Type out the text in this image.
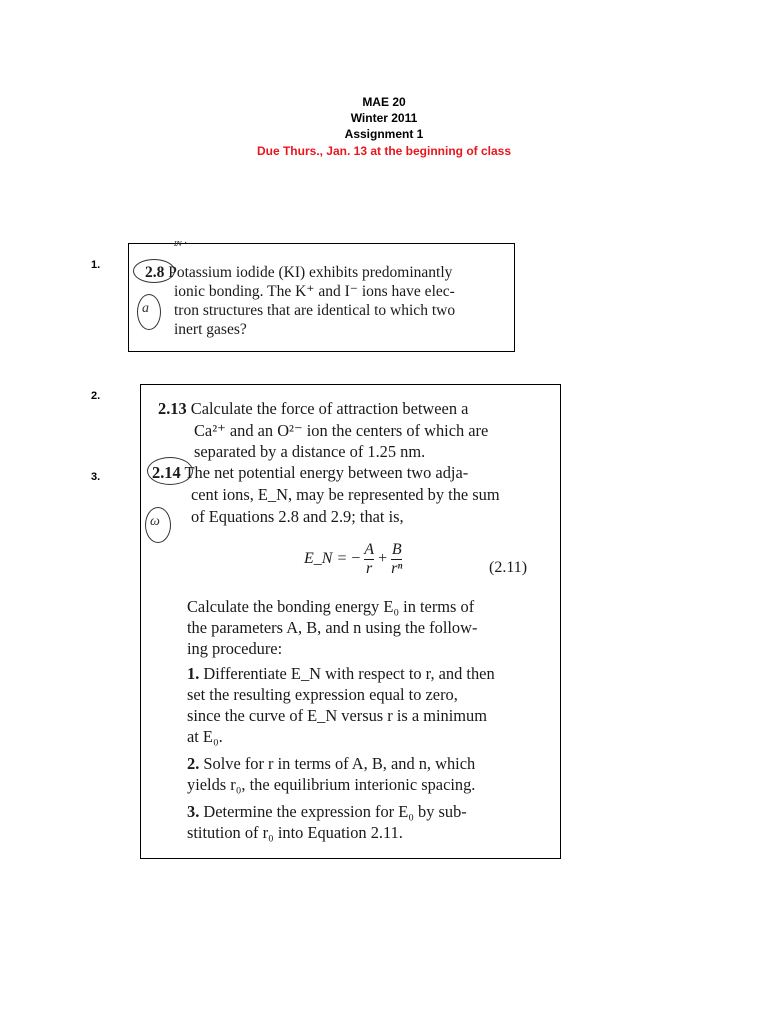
MAE 20
Winter 2011
Assignment 1
Due Thurs., Jan. 13 at the beginning of class
1.
2.
3.
ɪɴ ·
a
2.8 Potassium iodide (KI) exhibits predominantly
ionic bonding. The K⁺ and I⁻ ions have elec-
tron structures that are identical to which two
inert gases?
2.13 Calculate the force of attraction between a
Ca²⁺ and an O²⁻ ion the centers of which are
separated by a distance of 1.25 nm.
ω
2.14 The net potential energy between two adja-
cent ions, E_N, may be represented by the sum
of Equations 2.8 and 2.9; that is,
E_N = − $\frac{A}{r} + \frac{B}{\text{rⁿ}}$	(2.11)
Calculate the bonding energy E₀ in terms of
the parameters A, B, and n using the follow-
ing procedure:
1. Differentiate E_N with respect to r, and then
set the resulting expression equal to zero,
since the curve of E_N versus r is a minimum
at E₀.
2. Solve for r in terms of A, B, and n, which
yields r₀, the equilibrium interionic spacing.
3. Determine the expression for E₀ by sub-
stitution of r₀ into Equation 2.11.
